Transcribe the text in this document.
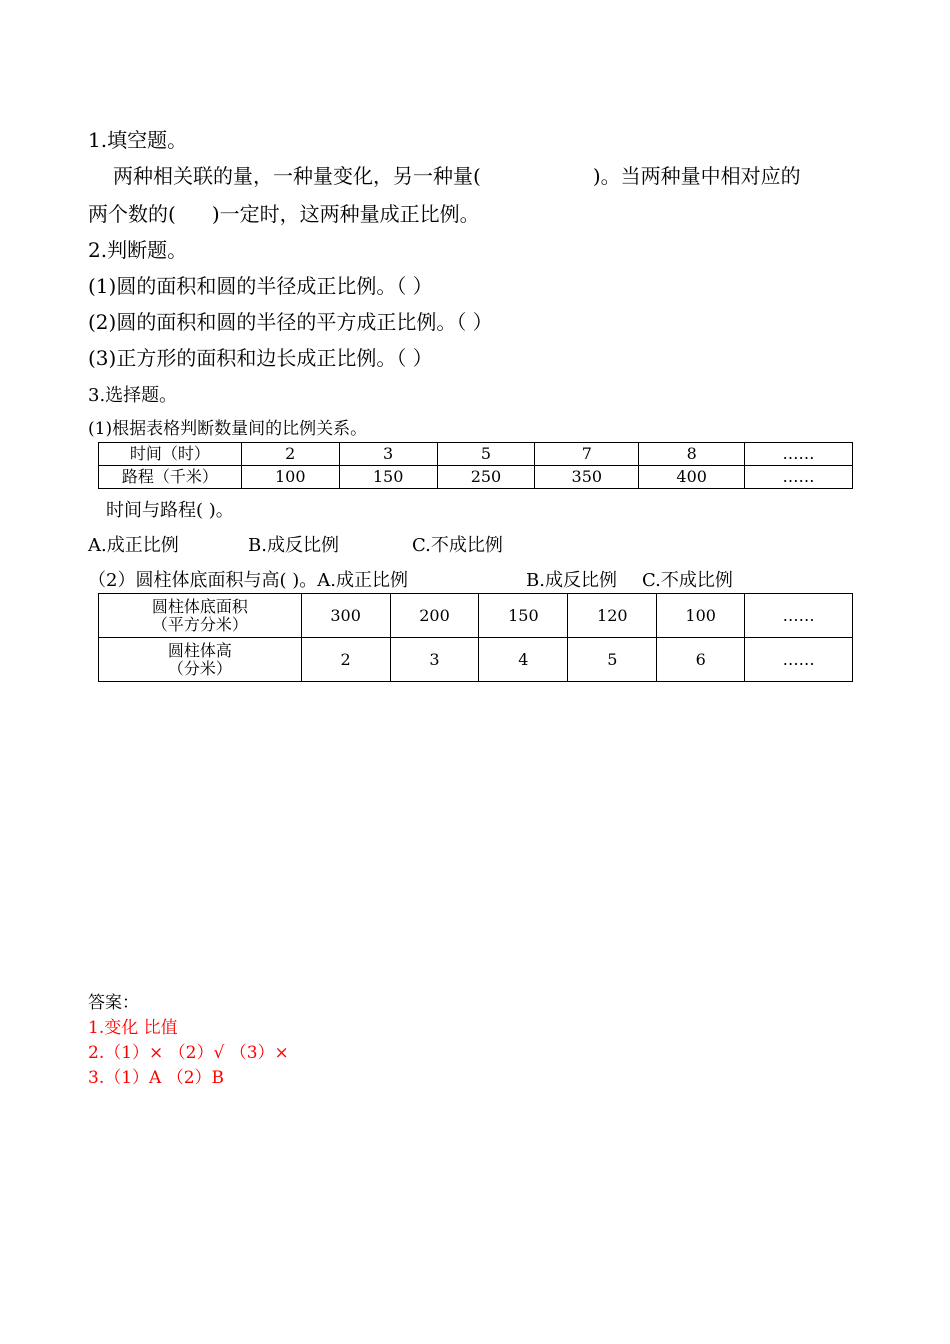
1.填空题。
两种相关联的量，一种量变化，另一种量(	)。当两种量中相对应的
两个数的( )一定时，这两种量成正比例。
2.判断题。
(1)圆的面积和圆的半径成正比例。（ ）
(2)圆的面积和圆的半径的平方成正比例。（ ）
(3)正方形的面积和边长成正比例。（ ）
3.选择题。
(1)根据表格判断数量间的比例关系。
时间（时）	2	3	5	7	8	……
路程（千米）	100	150	250	350	400	……
时间与路程( )。
A.成正比例	B.成反比例	C.不成比例
（2）圆柱体底面积与高( )。A.成正比例	B.成反比例 C.不成比例
圆柱体底面积
（平方分米）	300	200	150	120	100	……

圆柱体高
（分米）	2	3	4	5	6	……
答案：
1.变化 比值
2.（1）× （2）√ （3）×
3.（1）A （2）B
